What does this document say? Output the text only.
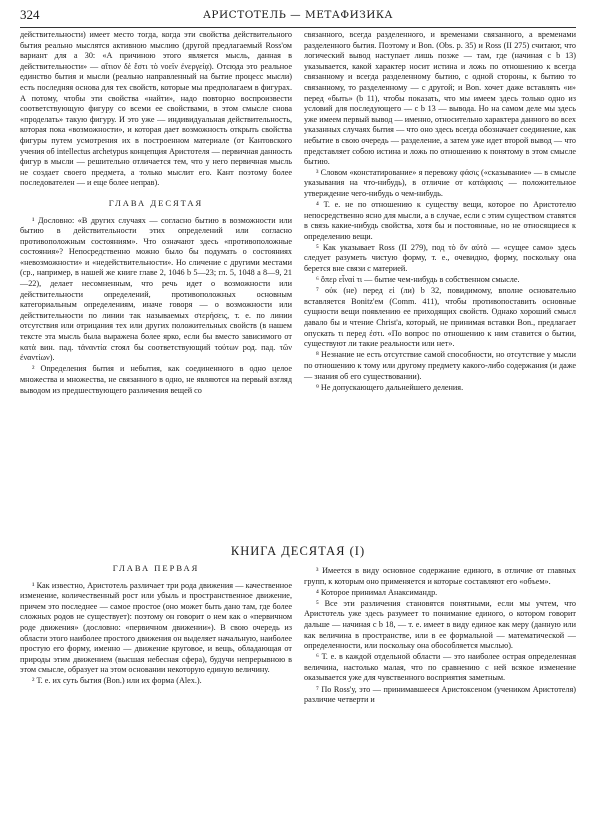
324	АРИСТОТЕЛЬ — МЕТАФИЗИКА

действительности) имеет место тогда, когда эти свойства действительного бытия реально мыслятся активною мыслию (другой предлагаемый Ross'ом вариант для a 30: «А причиною этого является мысль, данная в действительности» — αἴτιον δὲ ἔστι τὸ νοεῖν ἐνεργείᾳ). Отсюда это реальное единство бытия и мысли (реально направленный на бытие процесс мысли) есть последняя основа для тех свойств, которые мы предполагаем в фигурах. А потому, чтобы эти свойства «найти», надо повторно воспроизвести соответствующую фигуру со всеми ее свойствами, в этом смысле снова «проделать» такую фигуру. И это уже — индивидуальная действительность, которая пока «возможности», и которая дает возможность открыть свойства фигуры путем усмотрения их в построенном материале (от Кантовского учения об intellectus archetypus концепция Аристотеля — первичная данность фигур в мысли — решительно отличается тем, что у него первичная мысль не создает своего предмета, а только мыслит его. Кант поэтому более последователен — и еще более неправ).

ГЛАВА ДЕСЯТАЯ

¹ Дословно: «В других случаях — согласно бытию в возможности или бытию в действительности этих определений или согласно противоположным состояниям». Что означают здесь «противоположные состояния»? Непосредственно можно было бы подумать о состояниях «невозможности» и «недействительности». Но сличение с другими местами (ср., например, в нашей же книге главе 2, 1046 b 5—23; гл. 5, 1048 a 8—9, 21—22), делает несомненным, что речь идет о возможности или действительности определений, противоположных основным категориальным определениям, иначе говоря — о возможности или действительности по линии так называемых στερήσεις, т. е. по линии отсутствия или отрицания тех или других положительных свойств (в нашем тексте эта мысль была выражена более ярко, если бы вместо зависимого от κατὰ вин. пад. τἀναντία стоял бы соответствующий τούτων род. пад. τῶν ἐναντίων).

² Определения бытия и небытия, как соединенного в одно целое множества и множества, не связанного в одно, не являются на первый взгляд выводом из предшествующего различения вещей со

связанного, всегда разделенного, и временами связанного, а временами разделенного бытия. Поэтому и Bon. (Obs. p. 35) и Ross (II 275) считают, что логический вывод наступает лишь позже — там, где (начиная с b 13) указывается, какой характер носит истина и ложь по отношению к всегда связанному и всегда разделенному бытию, с одной стороны, к бытию то связанному, то разделенному — с другой; и Bon. хочет даже вставлять «и» перед «быть» (b 11), чтобы показать, что мы имеем здесь только одно из условий для последующего — с b 13 — вывода. Но на самом деле мы здесь уже имеем первый вывод — именно, относительно характера данного во всех указанных случаях бытия — что оно здесь всегда обозначает соединение, как небытие в свою очередь — разделение, а затем уже идет второй вывод — что представляет собою истина и ложь по отношению к понятому в этом смысле бытию.

³ Словом «констатирование» я перевожу φάσις («сказывание» — в смысле указывания на что-нибудь), в отличие от κατάφασις — положительное утверждение чего-нибудь о чем-нибудь.

⁴ Т. е. не по отношению к существу вещи, которое по Аристотелю непосредственно ясно для мысли, а в случае, если с этим существом ставятся в связь какие-нибудь свойства, хотя бы и постоянные, но не относящиеся к определению вещи.

⁵ Как указывает Ross (II 279), под τὸ ὅν αὐτὸ — «сущее само» здесь следует разуметь чистую форму, т. е., очевидно, форму, поскольку она берется вне связи с материей.

⁶ ὅπερ εἶναί τι — бытие чем-нибудь в собственном смысле.

⁷ οὐκ (не) перед εἰ (ли) b 32, повидимому, вполне основательно вставляется Bonitz'ем (Comm. 411), чтобы противопоставить основные сущности вещи появлению ее приходящих свойств. Однако хороший смысл давало бы и чтение Christ'а, который, не принимая вставки Bon., предлагает опускать τι перед ἐστι. «По вопрос по отношению к ним ставится о бытии, существуют ли такие реальности или нет».

⁸ Незнание не есть отсутствие самой способности, но отсутствие у мысли по отношению к тому или другому предмету какого-либо содержания (и даже — знания об его существовании).

⁹ Не допускающего дальнейшего деления.

КНИГА ДЕСЯТАЯ (I)
ГЛАВА ПЕРВАЯ

¹ Как известно, Аристотель различает три рода движения — качественное изменение, количественный рост или убыль и пространственное движение, причем это последнее — самое простое (оно может быть дано там, где более сложных родов не существует): поэтому он говорит о нем как о «первичном роде движения» (дословно: «первичном движении»). В свою очередь из области этого наиболее простого движения он выделяет начальную, наиболее простую его форму, именно — движение круговое, и вещь, обладающая от природы этим движением (высшая небесная сфера), будучи непрерывною в этом смысле, образует на этом основании некоторую единую величину.

² Т. е. их суть бытия (Bon.) или их форма (Alex.).

³ Имеется в виду основное содержание единого, в отличие от главных групп, к которым оно применяется и которые составляют его «объем».

⁴ Которое принимал Анаксимандр.

⁵ Все эти различения становятся понятными, если мы учтем, что Аристотель уже здесь разумеет то понимание единого, о котором говорит дальше — начиная с b 18, — т. е. имеет в виду единое как меру (данную или как величина в пространстве, или в ее формальной — математической — определенности, или поскольку она обособляется мыслью).

⁶ Т. е. в каждой отдельной области — это наиболее острая определенная величина, настолько малая, что по сравнению с ней всякое изменение оказывается уже для чувственного восприятия заметным.

⁷ По Ross'у, это — принимавшееся Аристоксеном (учеником Аристотеля) различие четверти и
